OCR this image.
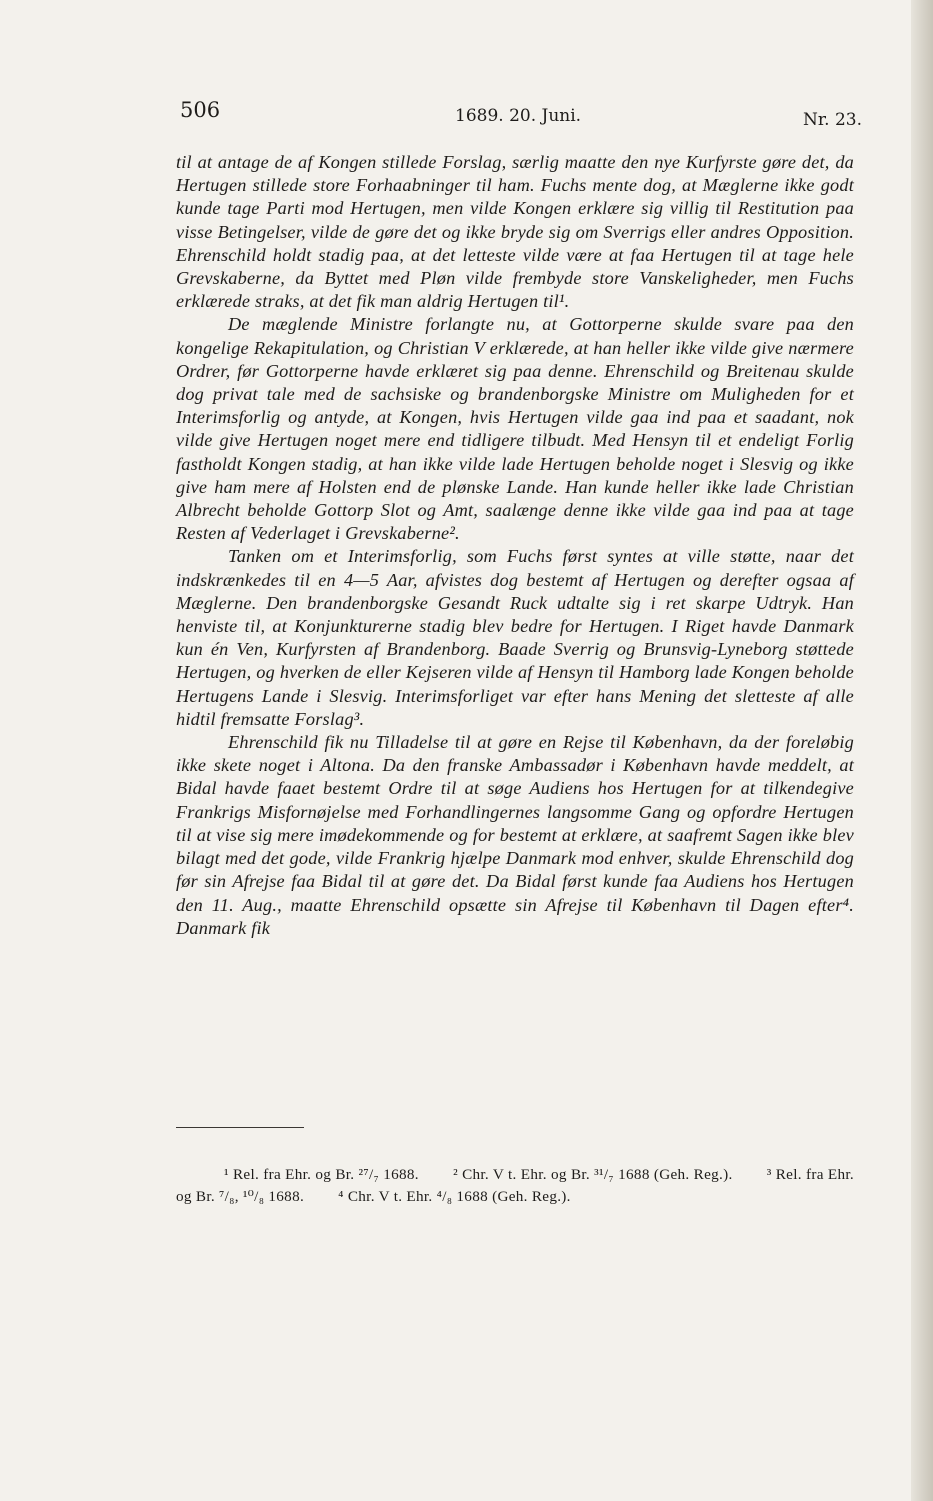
506	1689. 20. Juni.	Nr. 23.

til at antage de af Kongen stillede Forslag, særlig maatte den nye Kurfyrste gøre det, da Hertugen stillede store Forhaabninger til ham. Fuchs mente dog, at Mæglerne ikke godt kunde tage Parti mod Hertugen, men vilde Kongen erklære sig villig til Restitution paa visse Betingelser, vilde de gøre det og ikke bryde sig om Sverrigs eller andres Opposition. Ehrenschild holdt stadig paa, at det letteste vilde være at faa Hertugen til at tage hele Grevskaberne, da Byttet med Pløn vilde frembyde store Vanskeligheder, men Fuchs erklærede straks, at det fik man aldrig Hertugen til¹.

De mæglende Ministre forlangte nu, at Gottorperne skulde svare paa den kongelige Rekapitulation, og Christian V erklærede, at han heller ikke vilde give nærmere Ordrer, før Gottorperne havde erklæret sig paa denne. Ehrenschild og Breitenau skulde dog privat tale med de sachsiske og brandenborgske Ministre om Muligheden for et Interimsforlig og antyde, at Kongen, hvis Hertugen vilde gaa ind paa et saadant, nok vilde give Hertugen noget mere end tidligere tilbudt. Med Hensyn til et endeligt Forlig fastholdt Kongen stadig, at han ikke vilde lade Hertugen beholde noget i Slesvig og ikke give ham mere af Holsten end de plønske Lande. Han kunde heller ikke lade Christian Albrecht beholde Gottorp Slot og Amt, saalænge denne ikke vilde gaa ind paa at tage Resten af Vederlaget i Grevskaberne².

Tanken om et Interimsforlig, som Fuchs først syntes at ville støtte, naar det indskrænkedes til en 4—5 Aar, afvistes dog bestemt af Hertugen og derefter ogsaa af Mæglerne. Den brandenborgske Gesandt Ruck udtalte sig i ret skarpe Udtryk. Han henviste til, at Konjunkturerne stadig blev bedre for Hertugen. I Riget havde Danmark kun én Ven, Kurfyrsten af Brandenborg. Baade Sverrig og Brunsvig-Lyneborg støttede Hertugen, og hverken de eller Kejseren vilde af Hensyn til Hamborg lade Kongen beholde Hertugens Lande i Slesvig. Interimsforliget var efter hans Mening det sletteste af alle hidtil fremsatte Forslag³.

Ehrenschild fik nu Tilladelse til at gøre en Rejse til København, da der foreløbig ikke skete noget i Altona. Da den franske Ambassadør i København havde meddelt, at Bidal havde faaet bestemt Ordre til at søge Audiens hos Hertugen for at tilkendegive Frankrigs Misfornøjelse med Forhandlingernes langsomme Gang og opfordre Hertugen til at vise sig mere imødekommende og for bestemt at erklære, at saafremt Sagen ikke blev bilagt med det gode, vilde Frankrig hjælpe Danmark mod enhver, skulde Ehrenschild dog før sin Afrejse faa Bidal til at gøre det. Da Bidal først kunde faa Audiens hos Hertugen den 11. Aug., maatte Ehrenschild opsætte sin Afrejse til København til Dagen efter⁴. Danmark fik

¹ Rel. fra Ehr. og Br. ²⁷/₇ 1688. ² Chr. V t. Ehr. og Br. ³¹/₇ 1688 (Geh. Reg.). ³ Rel. fra Ehr. og Br. ⁷/₈, ¹⁰/₈ 1688. ⁴ Chr. V t. Ehr. ⁴/₈ 1688 (Geh. Reg.).
